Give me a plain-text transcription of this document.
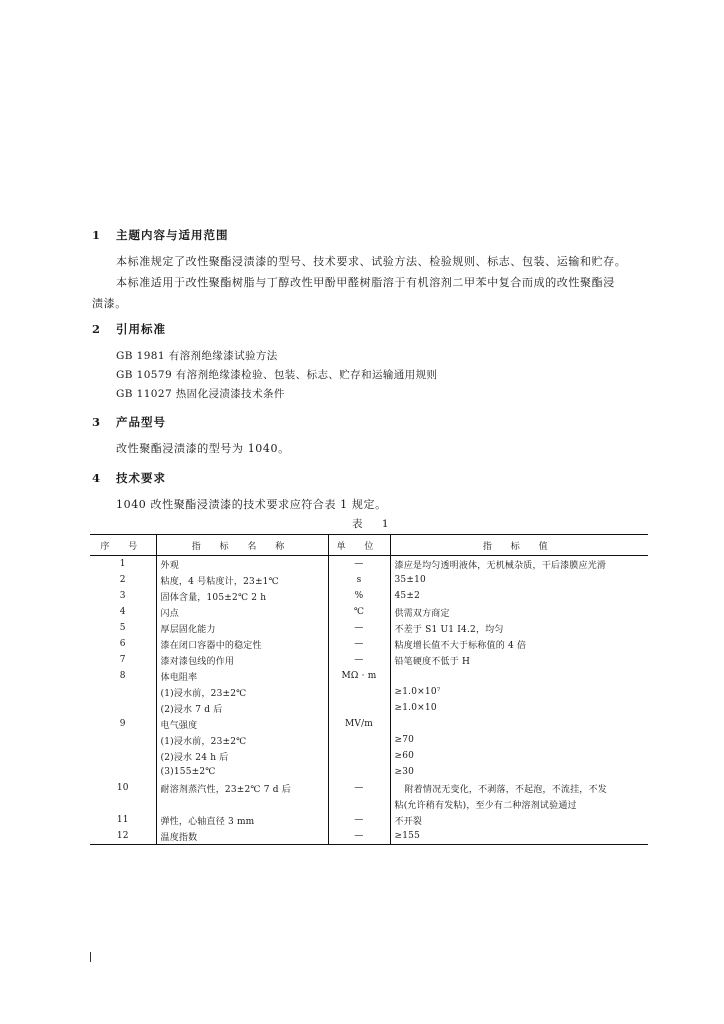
1 主题内容与适用范围
本标准规定了改性聚酯浸渍漆的型号、技术要求、试验方法、检验规则、标志、包装、运输和贮存。
本标准适用于改性聚酯树脂与丁醇改性甲酚甲醛树脂溶于有机溶剂二甲苯中复合而成的改性聚酯浸
渍漆。
2 引用标准
GB 1981 有溶剂绝缘漆试验方法
GB 10579 有溶剂绝缘漆检验、包装、标志、贮存和运输通用规则
GB 11027 热固化浸渍漆技术条件
3 产品型号
改性聚酯浸渍漆的型号为 1040。
4 技术要求
1040 改性聚酯浸渍漆的技术要求应符合表 1 规定。
表 1
序 号	指 标 名 称	单 位	指 标 值
1	外观	—	漆应是均匀透明液体，无机械杂质，干后漆膜应光滑
2	粘度，4 号粘度计，23±1℃	s	35±10
3	固体含量，105±2℃ 2 h	%	45±2
4	闪点	℃	供需双方商定
5	厚层固化能力	—	不差于 S1 U1 I4.2，均匀
6	漆在闭口容器中的稳定性	—	粘度增长值不大于标称值的 4 倍
7	漆对漆包线的作用	—	铅笔硬度不低于 H
8	体电阻率	MΩ · m	
	(1)浸水前，23±2℃		≥1.0×10⁷
	(2)浸水 7 d 后		≥1.0×10
9	电气强度	MV/m	
	(1)浸水前，23±2℃		≥70
	(2)浸水 24 h 后		≥60
	(3)155±2℃		≥30
10	耐溶剂蒸汽性，23±2℃ 7 d 后	—	附着情况无变化，不剥落，不起泡，不流挂，不发
			粘(允许稍有发粘)，至少有二种溶剂试验通过
11	弹性，心轴直径 3 mm	—	不开裂
12	温度指数	—	≥155
